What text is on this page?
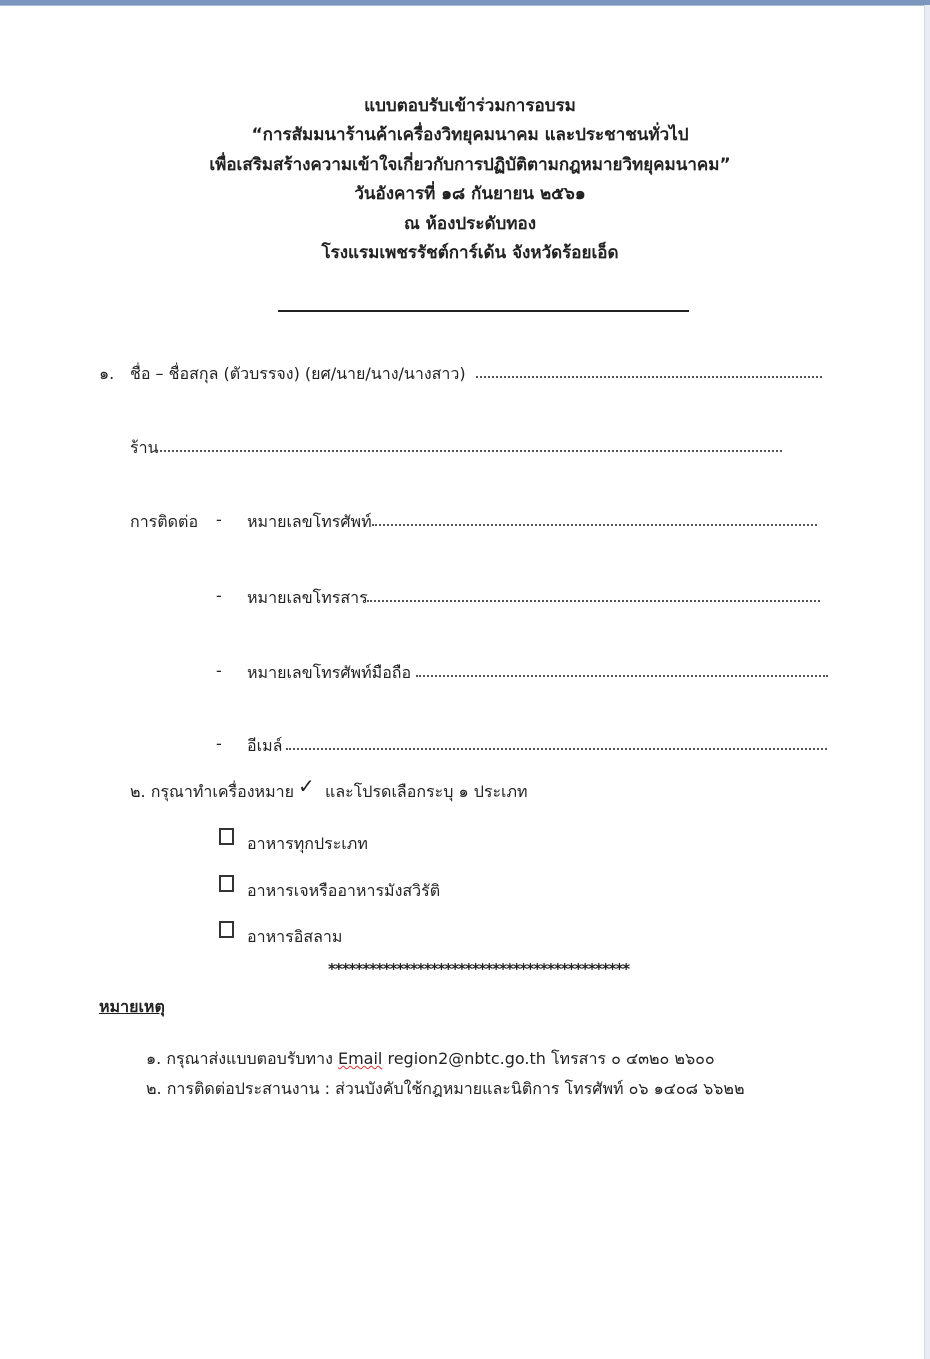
แบบตอบรับเข้าร่วมการอบรม
“การสัมมนาร้านค้าเครื่องวิทยุคมนาคม และประชาชนทั่วไป
เพื่อเสริมสร้างความเข้าใจเกี่ยวกับการปฏิบัติตามกฎหมายวิทยุคมนาคม”
วันอังคารที่ ๑๘ กันยายน ๒๕๖๑
ณ ห้องประดับทอง
โรงแรมเพชรรัชต์การ์เด้น จังหวัดร้อยเอ็ด
๑. ชื่อ – ชื่อสกุล (ตัวบรรจง) (ยศ/นาย/นาง/นางสาว)
ร้าน
การติดต่อ - หมายเลขโทรศัพท์
- หมายเลขโทรสาร
- หมายเลขโทรศัพท์มือถือ
- อีเมล์
๒. กรุณาทำเครื่องหมาย ✓ และโปรดเลือกระบุ ๑ ประเภท
อาหารทุกประเภท
อาหารเจหรืออาหารมังสวิรัติ
อาหารอิสลาม
********************************************
หมายเหตุ
๑. กรุณาส่งแบบตอบรับทาง Email region2@nbtc.go.th โทรสาร ๐ ๔๓๒๐ ๒๖๐๐
๒. การติดต่อประสานงาน : ส่วนบังคับใช้กฎหมายและนิติการ โทรศัพท์ ๐๖ ๑๔๐๘ ๖๖๒๒
